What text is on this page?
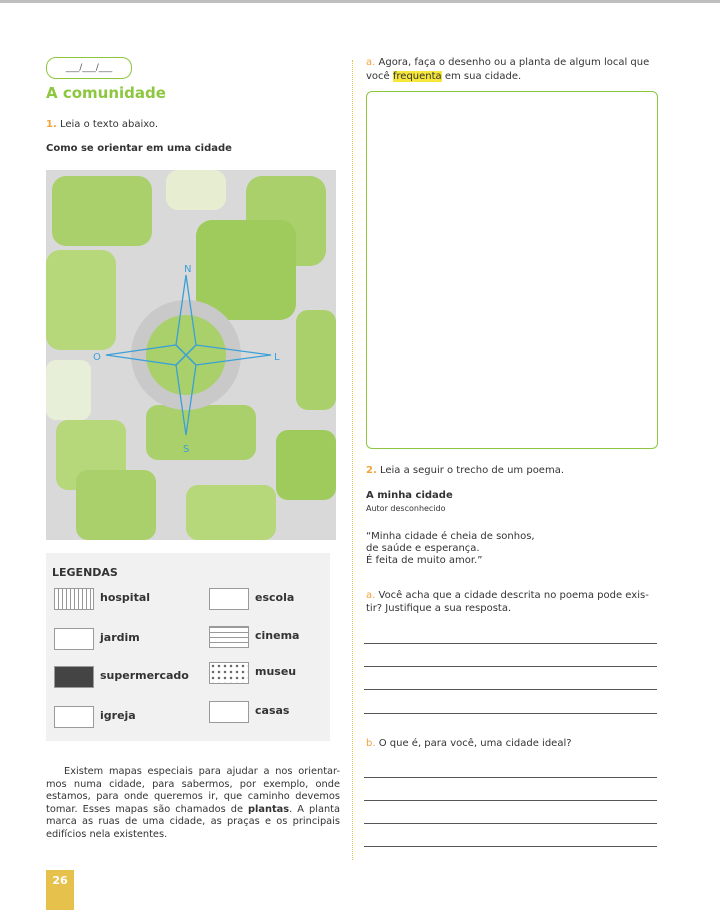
___/___/___
A comunidade
1. Leia o texto abaixo.
Como se orientar em uma cidade
N
S
O	L
LEGENDAS
hospital	escola
jardim	cinema
supermercado	museu
igreja	casas
Existem mapas especiais para ajudar a nos orientar-mos numa cidade, para sabermos, por exemplo, onde estamos, para onde queremos ir, que caminho devemos tomar. Esses mapas são chamados de plantas. A planta marca as ruas de uma cidade, as praças e os principais edifícios nela existentes.
26
a. Agora, faça o desenho ou a planta de algum local que você frequenta em sua cidade.
2. Leia a seguir o trecho de um poema.
A minha cidade
Autor desconhecido
“Minha cidade é cheia de sonhos,
de saúde e esperança.
É feita de muito amor.”
a. Você acha que a cidade descrita no poema pode exis-tir? Justifique a sua resposta.
b. O que é, para você, uma cidade ideal?
